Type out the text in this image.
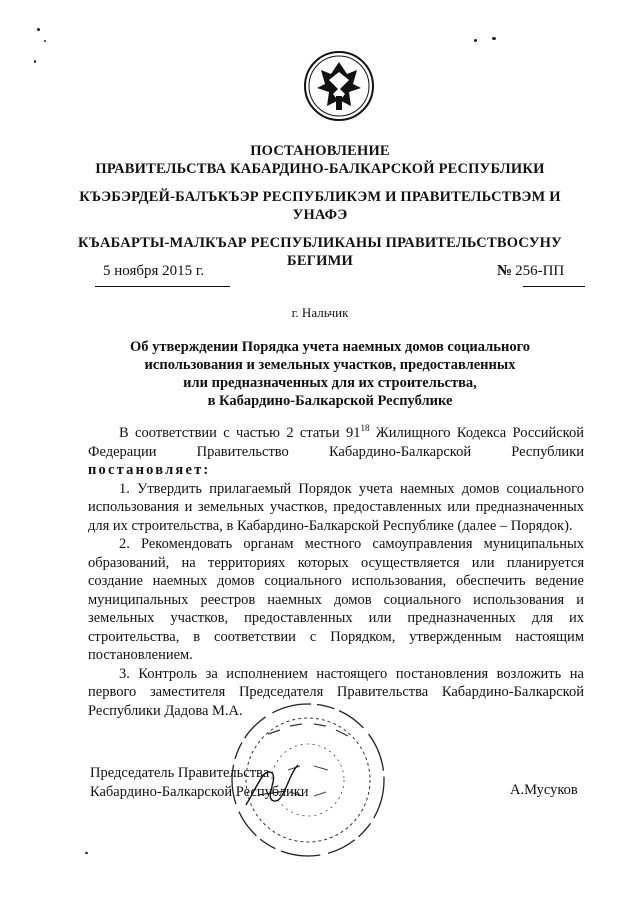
ПОСТАНОВЛЕНИЕ
ПРАВИТЕЛЬСТВА КАБАРДИНО-БАЛКАРСКОЙ РЕСПУБЛИКИ
КЪЭБЭРДЕЙ-БАЛЪКЪЭР РЕСПУБЛИКЭМ И ПРАВИТЕЛЬСТВЭМ И
УНАФЭ
КЪАБАРТЫ-МАЛКЪАР РЕСПУБЛИКАНЫ ПРАВИТЕЛЬСТВОСУНУ
БЕГИМИ
5 ноября 2015 г.	№ 256-ПП
г. Нальчик
Об утверждении Порядка учета наемных домов социального
использования и земельных участков, предоставленных
или предназначенных для их строительства,
в Кабардино-Балкарской Республике

В соответствии с частью 2 статьи $91^{18}$ Жилищного Кодекса Российской Федерации Правительство Кабардино-Балкарской Республики

постановляет:

1. Утвердить прилагаемый Порядок учета наемных домов социального использования и земельных участков, предоставленных или предназначенных для их строительства, в Кабардино-Балкарской Республике (далее – Порядок).

2. Рекомендовать органам местного самоуправления муниципальных образований, на территориях которых осуществляется или планируется создание наемных домов социального использования, обеспечить ведение муниципальных реестров наемных домов социального использования и земельных участков, предоставленных или предназначенных для их строительства, в соответствии с Порядком, утвержденным настоящим постановлением.

3. Контроль за исполнением настоящего постановления возложить на первого заместителя Председателя Правительства Кабардино-Балкарской Республики Дадова М.А.

Председатель Правительства
Кабардино-Балкарской Республики	А.Мусуков
